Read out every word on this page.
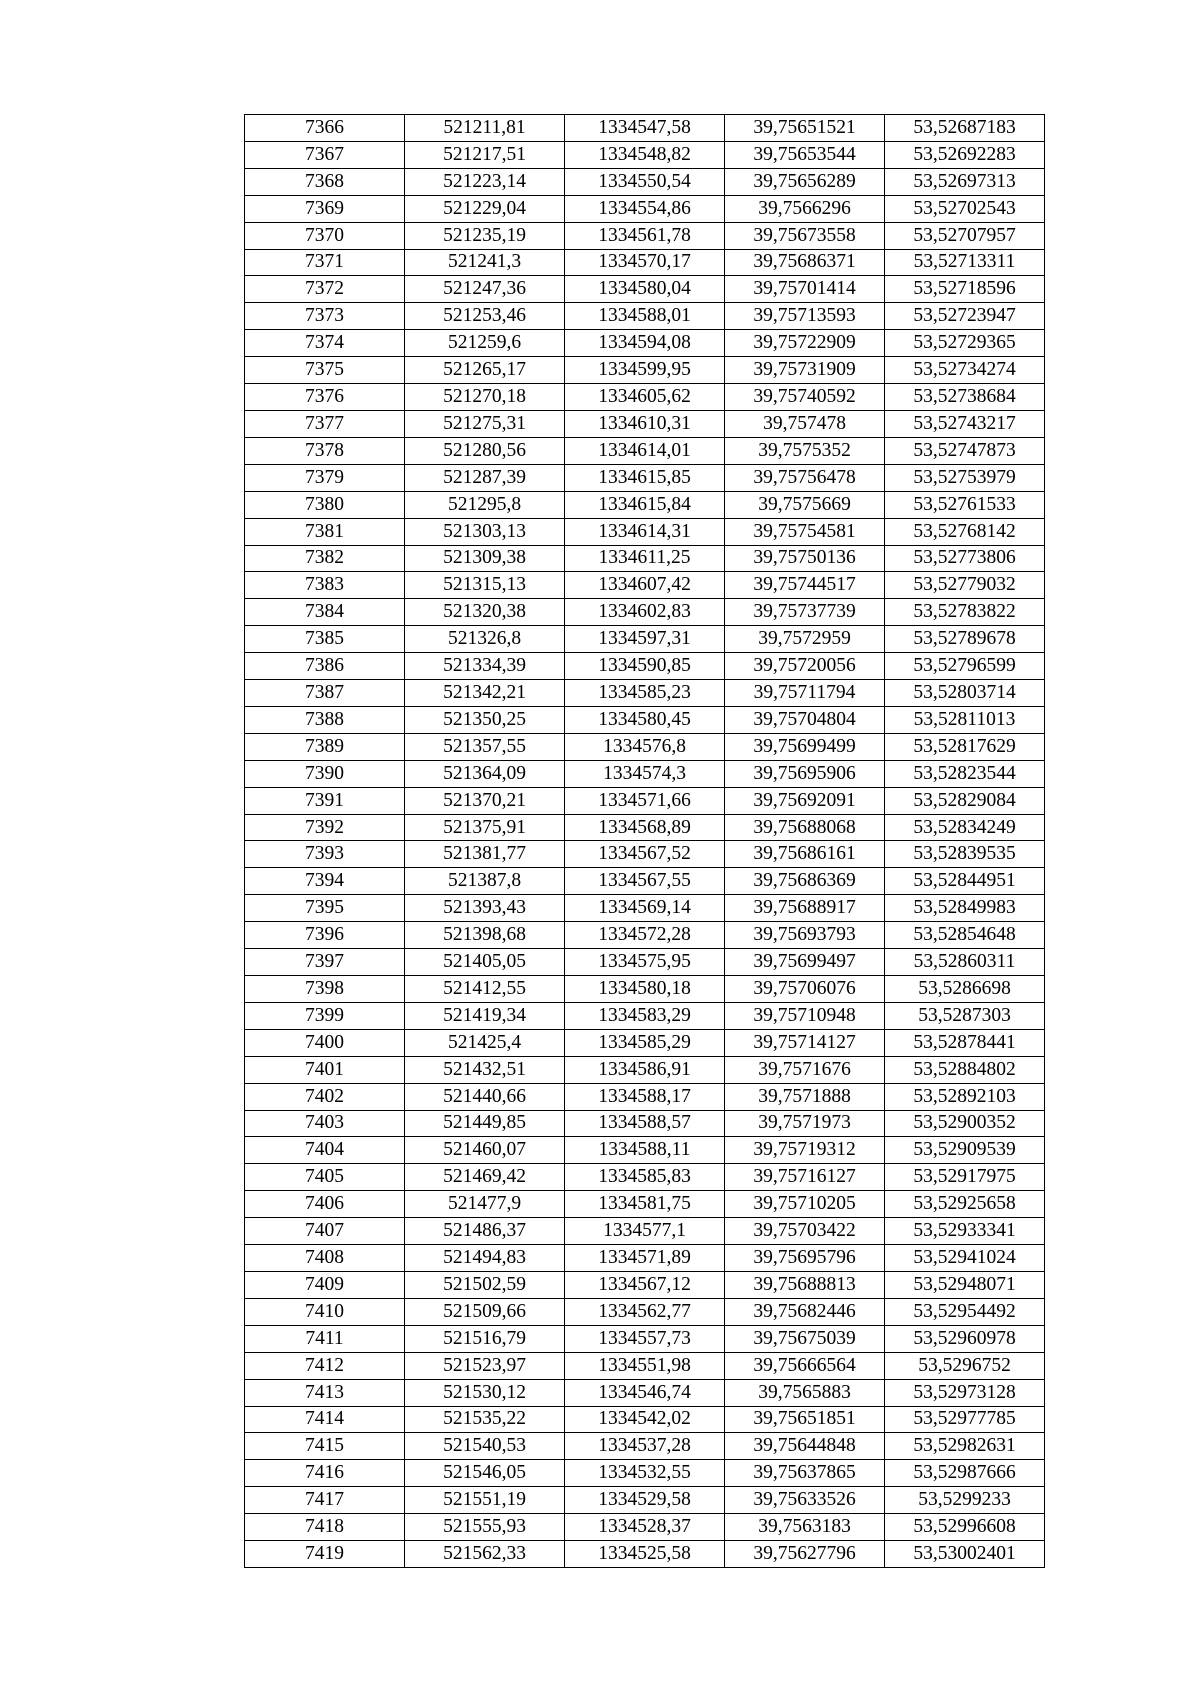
7366	521211,81	1334547,58	39,75651521	53,52687183
7367	521217,51	1334548,82	39,75653544	53,52692283
7368	521223,14	1334550,54	39,75656289	53,52697313
7369	521229,04	1334554,86	39,7566296	53,52702543
7370	521235,19	1334561,78	39,75673558	53,52707957
7371	521241,3	1334570,17	39,75686371	53,52713311
7372	521247,36	1334580,04	39,75701414	53,52718596
7373	521253,46	1334588,01	39,75713593	53,52723947
7374	521259,6	1334594,08	39,75722909	53,52729365
7375	521265,17	1334599,95	39,75731909	53,52734274
7376	521270,18	1334605,62	39,75740592	53,52738684
7377	521275,31	1334610,31	39,757478	53,52743217
7378	521280,56	1334614,01	39,7575352	53,52747873
7379	521287,39	1334615,85	39,75756478	53,52753979
7380	521295,8	1334615,84	39,7575669	53,52761533
7381	521303,13	1334614,31	39,75754581	53,52768142
7382	521309,38	1334611,25	39,75750136	53,52773806
7383	521315,13	1334607,42	39,75744517	53,52779032
7384	521320,38	1334602,83	39,75737739	53,52783822
7385	521326,8	1334597,31	39,7572959	53,52789678
7386	521334,39	1334590,85	39,75720056	53,52796599
7387	521342,21	1334585,23	39,75711794	53,52803714
7388	521350,25	1334580,45	39,75704804	53,52811013
7389	521357,55	1334576,8	39,75699499	53,52817629
7390	521364,09	1334574,3	39,75695906	53,52823544
7391	521370,21	1334571,66	39,75692091	53,52829084
7392	521375,91	1334568,89	39,75688068	53,52834249
7393	521381,77	1334567,52	39,75686161	53,52839535
7394	521387,8	1334567,55	39,75686369	53,52844951
7395	521393,43	1334569,14	39,75688917	53,52849983
7396	521398,68	1334572,28	39,75693793	53,52854648
7397	521405,05	1334575,95	39,75699497	53,52860311
7398	521412,55	1334580,18	39,75706076	53,5286698
7399	521419,34	1334583,29	39,75710948	53,5287303
7400	521425,4	1334585,29	39,75714127	53,52878441
7401	521432,51	1334586,91	39,7571676	53,52884802
7402	521440,66	1334588,17	39,7571888	53,52892103
7403	521449,85	1334588,57	39,7571973	53,52900352
7404	521460,07	1334588,11	39,75719312	53,52909539
7405	521469,42	1334585,83	39,75716127	53,52917975
7406	521477,9	1334581,75	39,75710205	53,52925658
7407	521486,37	1334577,1	39,75703422	53,52933341
7408	521494,83	1334571,89	39,75695796	53,52941024
7409	521502,59	1334567,12	39,75688813	53,52948071
7410	521509,66	1334562,77	39,75682446	53,52954492
7411	521516,79	1334557,73	39,75675039	53,52960978
7412	521523,97	1334551,98	39,75666564	53,5296752
7413	521530,12	1334546,74	39,7565883	53,52973128
7414	521535,22	1334542,02	39,75651851	53,52977785
7415	521540,53	1334537,28	39,75644848	53,52982631
7416	521546,05	1334532,55	39,75637865	53,52987666
7417	521551,19	1334529,58	39,75633526	53,5299233
7418	521555,93	1334528,37	39,7563183	53,52996608
7419	521562,33	1334525,58	39,75627796	53,53002401
